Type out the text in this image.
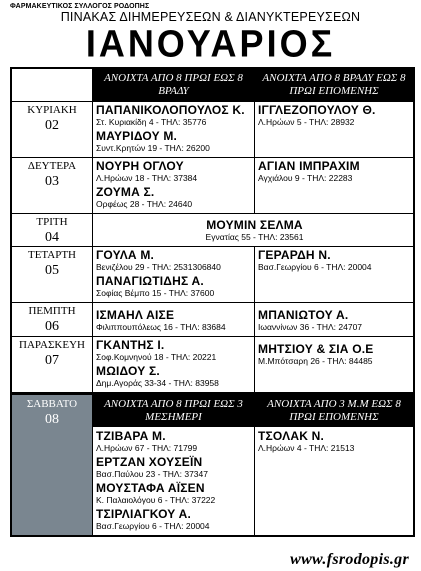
ΦΑΡΜΑΚΕΥΤΙΚΟΣ ΣΥΛΛΟΓΟΣ ΡΟΔΟΠΗΣ
ΠΙΝΑΚΑΣ ΔΙΗΜΕΡΕΥΣΕΩΝ & ΔΙΑΝΥΚΤΕΡΕΥΣΕΩΝ
ΙΑΝΟΥΑΡΙΟΣ
ΑΝΟΙΧΤΑ ΑΠΟ 8 ΠΡΩΙ ΕΩΣ 8 ΒΡΑΔΥ
ΑΝΟΙΧΤΑ ΑΠΟ 8 ΒΡΑΔΥ ΕΩΣ 8 ΠΡΩΙ ΕΠΟΜΕΝΗΣ
ΚΥΡΙΑΚΗ
02
ΠΑΠΑΝΙΚΟΛΟΠΟΥΛΟΣ Κ.
Στ. Κυριακίδη 4 - ΤΗΛ: 35776
ΜΑΥΡΙΔΟΥ Μ.
Συντ.Κρητών 19 - ΤΗΛ: 26200
ΙΓΓΛΕΖΟΠΟΥΛΟΥ Θ.
Λ.Ηρώων 5 - ΤΗΛ: 28932
ΔΕΥΤΕΡΑ
03
ΝΟΥΡΗ ΟΓΛΟΥ
Λ.Ηρώων 18 - ΤΗΛ: 37384
ΖΟΥΜΑ Σ.
Ορφέως 28 - ΤΗΛ: 24640
ΑΓΙΑΝ ΙΜΠΡΑΧΙΜ
Αγχιάλου 9 - ΤΗΛ: 22283
ΤΡΙΤΗ
04
ΜΟΥΜΙΝ ΣΕΛΜΑ
Εγνατίας 55 - ΤΗΛ: 23561
ΤΕΤΑΡΤΗ
05
ΓΟΥΛΑ Μ.
Βενιζέλου 29 - ΤΗΛ: 2531306840
ΠΑΝΑΓΙΩΤΙΔΗΣ Α.
Σοφίας Βέμπο 15 - ΤΗΛ: 37600
ΓΕΡΑΡΔΗ Ν.
Βασ.Γεωργίου 6 - ΤΗΛ: 20004
ΠΕΜΠΤΗ
06
ΙΣΜΑΗΛ ΑΙΣΕ
Φιλιππουπόλεως 16 - ΤΗΛ: 83684
ΜΠΑΝΙΩΤΟΥ Α.
Ιωαννίνων 36 - ΤΗΛ: 24707
ΠΑΡΑΣΚΕΥΗ
07
ΓΚΑΝΤΗΣ Ι.
Σοφ.Κομνηνού 18 - ΤΗΛ: 20221
ΜΩΙΔΟΥ Σ.
Δημ.Αγοράς 33-34 - ΤΗΛ: 83958
ΜΗΤΣΙΟΥ & ΣΙΑ Ο.Ε
Μ.Μπότσαρη 26 - ΤΗΛ: 84485
ΣΑΒΒΑΤΟ
08
ΑΝΟΙΧΤΑ ΑΠΟ 8 ΠΡΩΙ ΕΩΣ 3 ΜΕΣΗΜΕΡΙ
ΤΖΙΒΑΡΑ Μ.
Λ.Ηρώων 67 - ΤΗΛ: 71799
ΕΡΤΖΑΝ ΧΟΥΣΕΪΝ
Βασ.Παύλου 23 - ΤΗΛ: 37347
ΜΟΥΣΤΑΦΑ ΑΪΣΕΝ
Κ. Παλαιολόγου 6 - ΤΗΛ: 37222
ΤΣΙΡΛΙΑΓΚΟΥ Α.
Βασ.Γεωργίου 6 - ΤΗΛ: 20004
ΑΝΟΙΧΤΑ ΑΠΟ 3 Μ.Μ ΕΩΣ 8 ΠΡΩΙ ΕΠΟΜΕΝΗΣ
ΤΣΟΛΑΚ Ν.
Λ.Ηρώων 4 - ΤΗΛ: 21513
www.fsrodopis.gr
